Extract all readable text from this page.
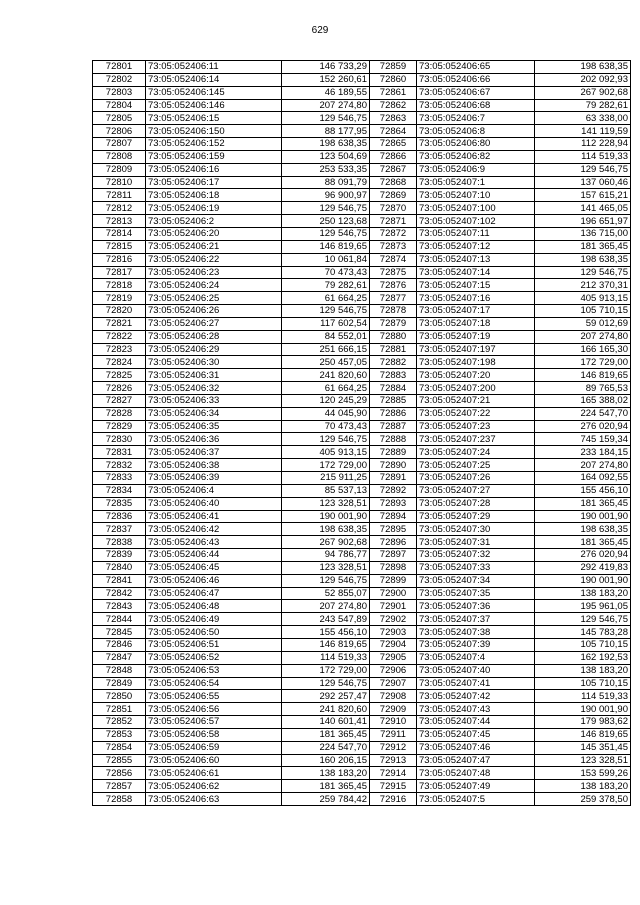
629
72801	73:05:052406:11	146 733,29
72802	73:05:052406:14	152 260,61
72803	73:05:052406:145	46 189,55
72804	73:05:052406:146	207 274,80
72805	73:05:052406:15	129 546,75
72806	73:05:052406:150	88 177,95
72807	73:05:052406:152	198 638,35
72808	73:05:052406:159	123 504,69
72809	73:05:052406:16	253 533,35
72810	73:05:052406:17	88 091,79
72811	73:05:052406:18	96 900,97
72812	73:05:052406:19	129 546,75
72813	73:05:052406:2	250 123,68
72814	73:05:052406:20	129 546,75
72815	73:05:052406:21	146 819,65
72816	73:05:052406:22	10 061,84
72817	73:05:052406:23	70 473,43
72818	73:05:052406:24	79 282,61
72819	73:05:052406:25	61 664,25
72820	73:05:052406:26	129 546,75
72821	73:05:052406:27	117 602,54
72822	73:05:052406:28	84 552,01
72823	73:05:052406:29	251 666,15
72824	73:05:052406:30	250 457,05
72825	73:05:052406:31	241 820,60
72826	73:05:052406:32	61 664,25
72827	73:05:052406:33	120 245,29
72828	73:05:052406:34	44 045,90
72829	73:05:052406:35	70 473,43
72830	73:05:052406:36	129 546,75
72831	73:05:052406:37	405 913,15
72832	73:05:052406:38	172 729,00
72833	73:05:052406:39	215 911,25
72834	73:05:052406:4	85 537,13
72835	73:05:052406:40	123 328,51
72836	73:05:052406:41	190 001,90
72837	73:05:052406:42	198 638,35
72838	73:05:052406:43	267 902,68
72839	73:05:052406:44	94 786,77
72840	73:05:052406:45	123 328,51
72841	73:05:052406:46	129 546,75
72842	73:05:052406:47	52 855,07
72843	73:05:052406:48	207 274,80
72844	73:05:052406:49	243 547,89
72845	73:05:052406:50	155 456,10
72846	73:05:052406:51	146 819,65
72847	73:05:052406:52	114 519,33
72848	73:05:052406:53	172 729,00
72849	73:05:052406:54	129 546,75
72850	73:05:052406:55	292 257,47
72851	73:05:052406:56	241 820,60
72852	73:05:052406:57	140 601,41
72853	73:05:052406:58	181 365,45
72854	73:05:052406:59	224 547,70
72855	73:05:052406:60	160 206,15
72856	73:05:052406:61	138 183,20
72857	73:05:052406:62	181 365,45
72858	73:05:052406:63	259 784,42
72859	73:05:052406:65	198 638,35
72860	73:05:052406:66	202 092,93
72861	73:05:052406:67	267 902,68
72862	73:05:052406:68	79 282,61
72863	73:05:052406:7	63 338,00
72864	73:05:052406:8	141 119,59
72865	73:05:052406:80	112 228,94
72866	73:05:052406:82	114 519,33
72867	73:05:052406:9	129 546,75
72868	73:05:052407:1	137 060,46
72869	73:05:052407:10	157 615,21
72870	73:05:052407:100	141 465,05
72871	73:05:052407:102	196 651,97
72872	73:05:052407:11	136 715,00
72873	73:05:052407:12	181 365,45
72874	73:05:052407:13	198 638,35
72875	73:05:052407:14	129 546,75
72876	73:05:052407:15	212 370,31
72877	73:05:052407:16	405 913,15
72878	73:05:052407:17	105 710,15
72879	73:05:052407:18	59 012,69
72880	73:05:052407:19	207 274,80
72881	73:05:052407:197	166 165,30
72882	73:05:052407:198	172 729,00
72883	73:05:052407:20	146 819,65
72884	73:05:052407:200	89 765,53
72885	73:05:052407:21	165 388,02
72886	73:05:052407:22	224 547,70
72887	73:05:052407:23	276 020,94
72888	73:05:052407:237	745 159,34
72889	73:05:052407:24	233 184,15
72890	73:05:052407:25	207 274,80
72891	73:05:052407:26	164 092,55
72892	73:05:052407:27	155 456,10
72893	73:05:052407:28	181 365,45
72894	73:05:052407:29	190 001,90
72895	73:05:052407:30	198 638,35
72896	73:05:052407:31	181 365,45
72897	73:05:052407:32	276 020,94
72898	73:05:052407:33	292 419,83
72899	73:05:052407:34	190 001,90
72900	73:05:052407:35	138 183,20
72901	73:05:052407:36	195 961,05
72902	73:05:052407:37	129 546,75
72903	73:05:052407:38	145 783,28
72904	73:05:052407:39	105 710,15
72905	73:05:052407:4	162 192,53
72906	73:05:052407:40	138 183,20
72907	73:05:052407:41	105 710,15
72908	73:05:052407:42	114 519,33
72909	73:05:052407:43	190 001,90
72910	73:05:052407:44	179 983,62
72911	73:05:052407:45	146 819,65
72912	73:05:052407:46	145 351,45
72913	73:05:052407:47	123 328,51
72914	73:05:052407:48	153 599,26
72915	73:05:052407:49	138 183,20
72916	73:05:052407:5	259 378,50
